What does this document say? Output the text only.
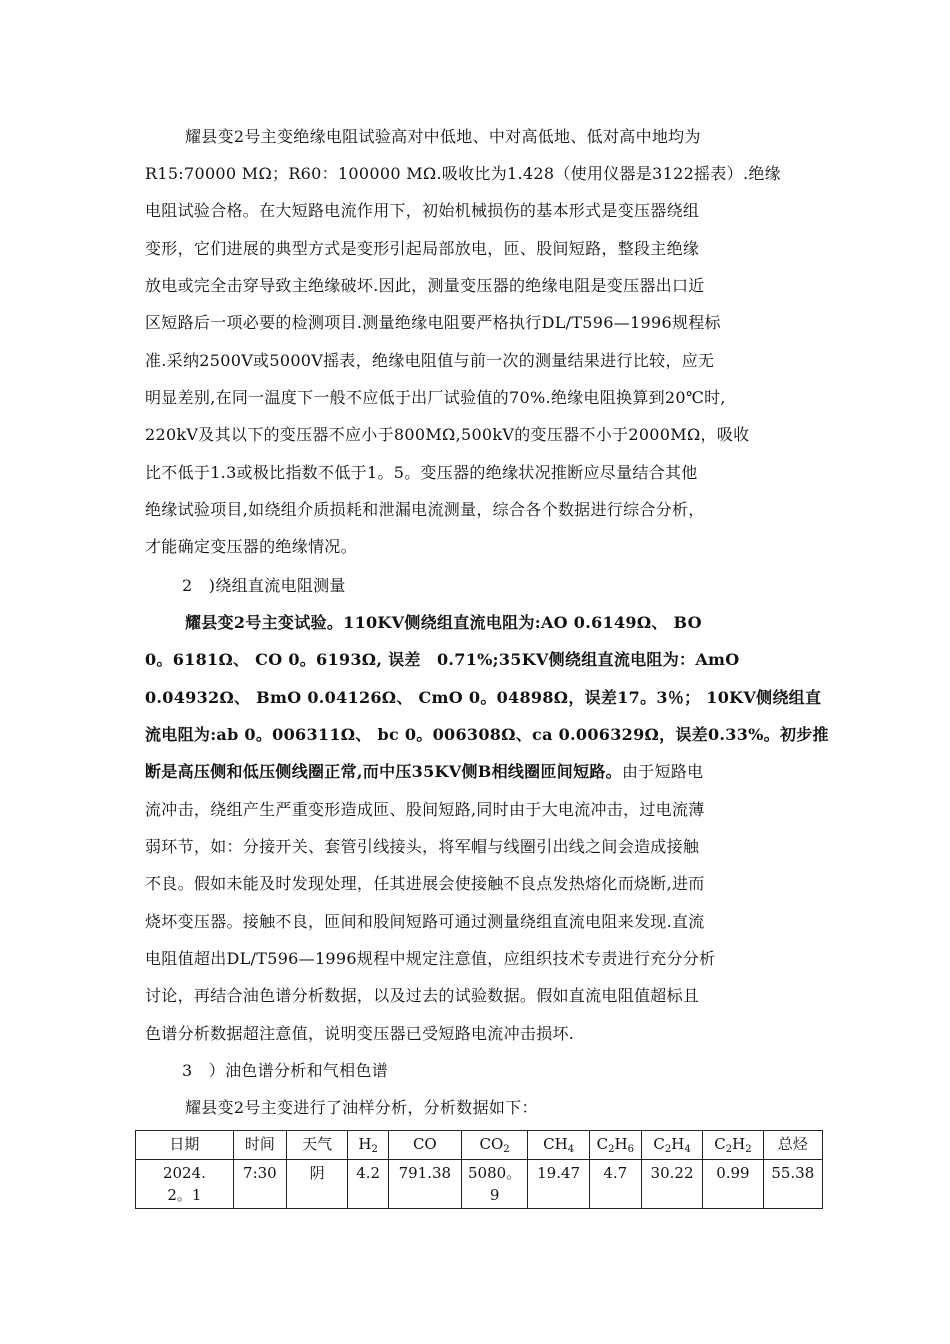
耀县变2号主变绝缘电阻试验高对中低地、中对高低地、低对高中地均为
R15:70000 MΩ；R60：100000 MΩ.吸收比为1.428（使用仪器是3122摇表）.绝缘
电阻试验合格。在大短路电流作用下，初始机械损伤的基本形式是变压器绕组
变形，它们进展的典型方式是变形引起局部放电，匝、股间短路，整段主绝缘
放电或完全击穿导致主绝缘破坏.因此，测量变压器的绝缘电阻是变压器出口近
区短路后一项必要的检测项目.测量绝缘电阻要严格执行DL/T596—1996规程标
准.采纳2500V或5000V摇表，绝缘电阻值与前一次的测量结果进行比较，应无
明显差别,在同一温度下一般不应低于出厂试验值的70%.绝缘电阻换算到20℃时,
220kV及其以下的变压器不应小于800MΩ,500kV的变压器不小于2000MΩ，吸收
比不低于1.3或极比指数不低于1。5。变压器的绝缘状况推断应尽量结合其他
绝缘试验项目,如绕组介质损耗和泄漏电流测量，综合各个数据进行综合分析，
才能确定变压器的绝缘情况。
2　)绕组直流电阻测量
耀县变2号主变试验。110KV侧绕组直流电阻为:AO 0.6149Ω、 BO
0。6181Ω、 CO 0。6193Ω, 误差　0.71%;35KV侧绕组直流电阻为：AmO
0.04932Ω、 BmO 0.04126Ω、 CmO 0。04898Ω，误差17。3％； 10KV侧绕组直
流电阻为:ab 0。006311Ω、 bc 0。006308Ω、ca 0.006329Ω，误差0.33%。初步推
断是高压侧和低压侧线圈正常,而中压35KV侧B相线圈匝间短路。由于短路电
流冲击，绕组产生严重变形造成匝、股间短路,同时由于大电流冲击，过电流薄
弱环节，如：分接开关、套管引线接头，将军帽与线圈引出线之间会造成接触
不良。假如未能及时发现处理，任其进展会使接触不良点发热熔化而烧断,进而
烧坏变压器。接触不良，匝间和股间短路可通过测量绕组直流电阻来发现.直流
电阻值超出DL/T596—1996规程中规定注意值，应组织技术专责进行充分分析
讨论，再结合油色谱分析数据，以及过去的试验数据。假如直流电阻值超标且
色谱分析数据超注意值，说明变压器已受短路电流冲击损坏.
3　）油色谱分析和气相色谱
耀县变2号主变进行了油样分析，分析数据如下：
日期	时间	天气	$H_2$	CO	$CO_2$	$CH_4$	$C_2H_6$	$C_2H_4$	$C_2H_2$	总烃
2024.2。1	7:30	阴	4.2	791.38	5080。9	19.47	4.7	30.22	0.99	55.38
